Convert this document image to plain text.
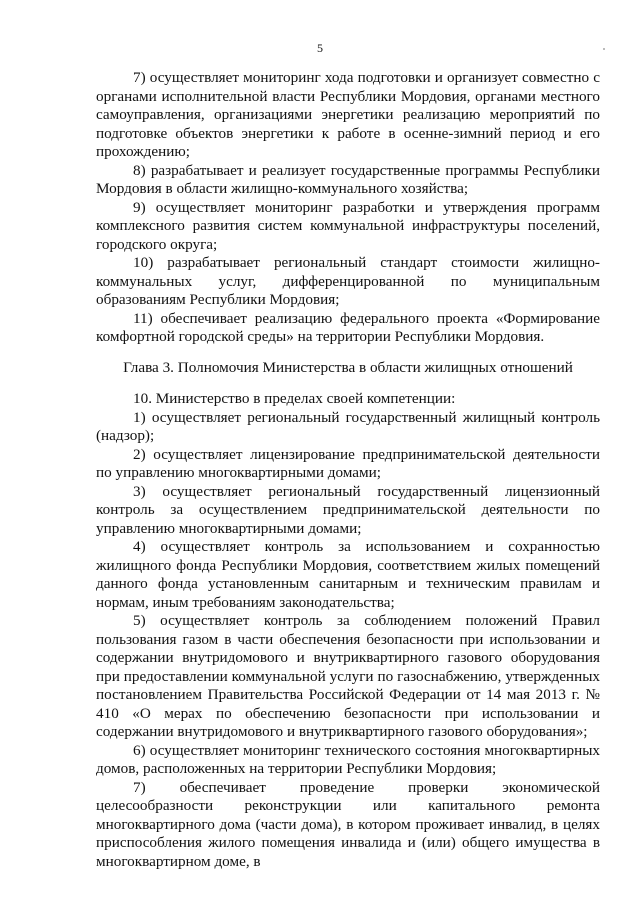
5

7) осуществляет мониторинг хода подготовки и организует совместно с органами исполнительной власти Республики Мордовия, органами местного самоуправления, организациями энергетики реализацию мероприятий по подготовке объектов энергетики к работе в осенне-зимний период и его прохождению;

8) разрабатывает и реализует государственные программы Республики Мордовия в области жилищно-коммунального хозяйства;

9) осуществляет мониторинг разработки и утверждения программ комплексного развития систем коммунальной инфраструктуры поселений, городского округа;

10) разрабатывает региональный стандарт стоимости жилищно-коммунальных услуг, дифференцированной по муниципальным образованиям Республики Мордовия;

11) обеспечивает реализацию федерального проекта «Формирование комфортной городской среды» на территории Республики Мордовия.

Глава 3. Полномочия Министерства в области жилищных отношений

10. Министерство в пределах своей компетенции:

1) осуществляет региональный государственный жилищный контроль (надзор);

2) осуществляет лицензирование предпринимательской деятельности по управлению многоквартирными домами;

3) осуществляет региональный государственный лицензионный контроль за осуществлением предпринимательской деятельности по управлению многоквартирными домами;

4) осуществляет контроль за использованием и сохранностью жилищного фонда Республики Мордовия, соответствием жилых помещений данного фонда установленным санитарным и техническим правилам и нормам, иным требованиям законодательства;

5) осуществляет контроль за соблюдением положений Правил пользования газом в части обеспечения безопасности при использовании и содержании внутридомового и внутриквартирного газового оборудования при предоставлении коммунальной услуги по газоснабжению, утвержденных постановлением Правительства Российской Федерации от 14 мая 2013 г. № 410 «О мерах по обеспечению безопасности при использовании и содержании внутридомового и внутриквартирного газового оборудования»;

6) осуществляет мониторинг технического состояния многоквартирных домов, расположенных на территории Республики Мордовия;

7) обеспечивает проведение проверки экономической целесообразности реконструкции или капитального ремонта многоквартирного дома (части дома), в котором проживает инвалид, в целях приспособления жилого помещения инвалида и (или) общего имущества в многоквартирном доме, в
